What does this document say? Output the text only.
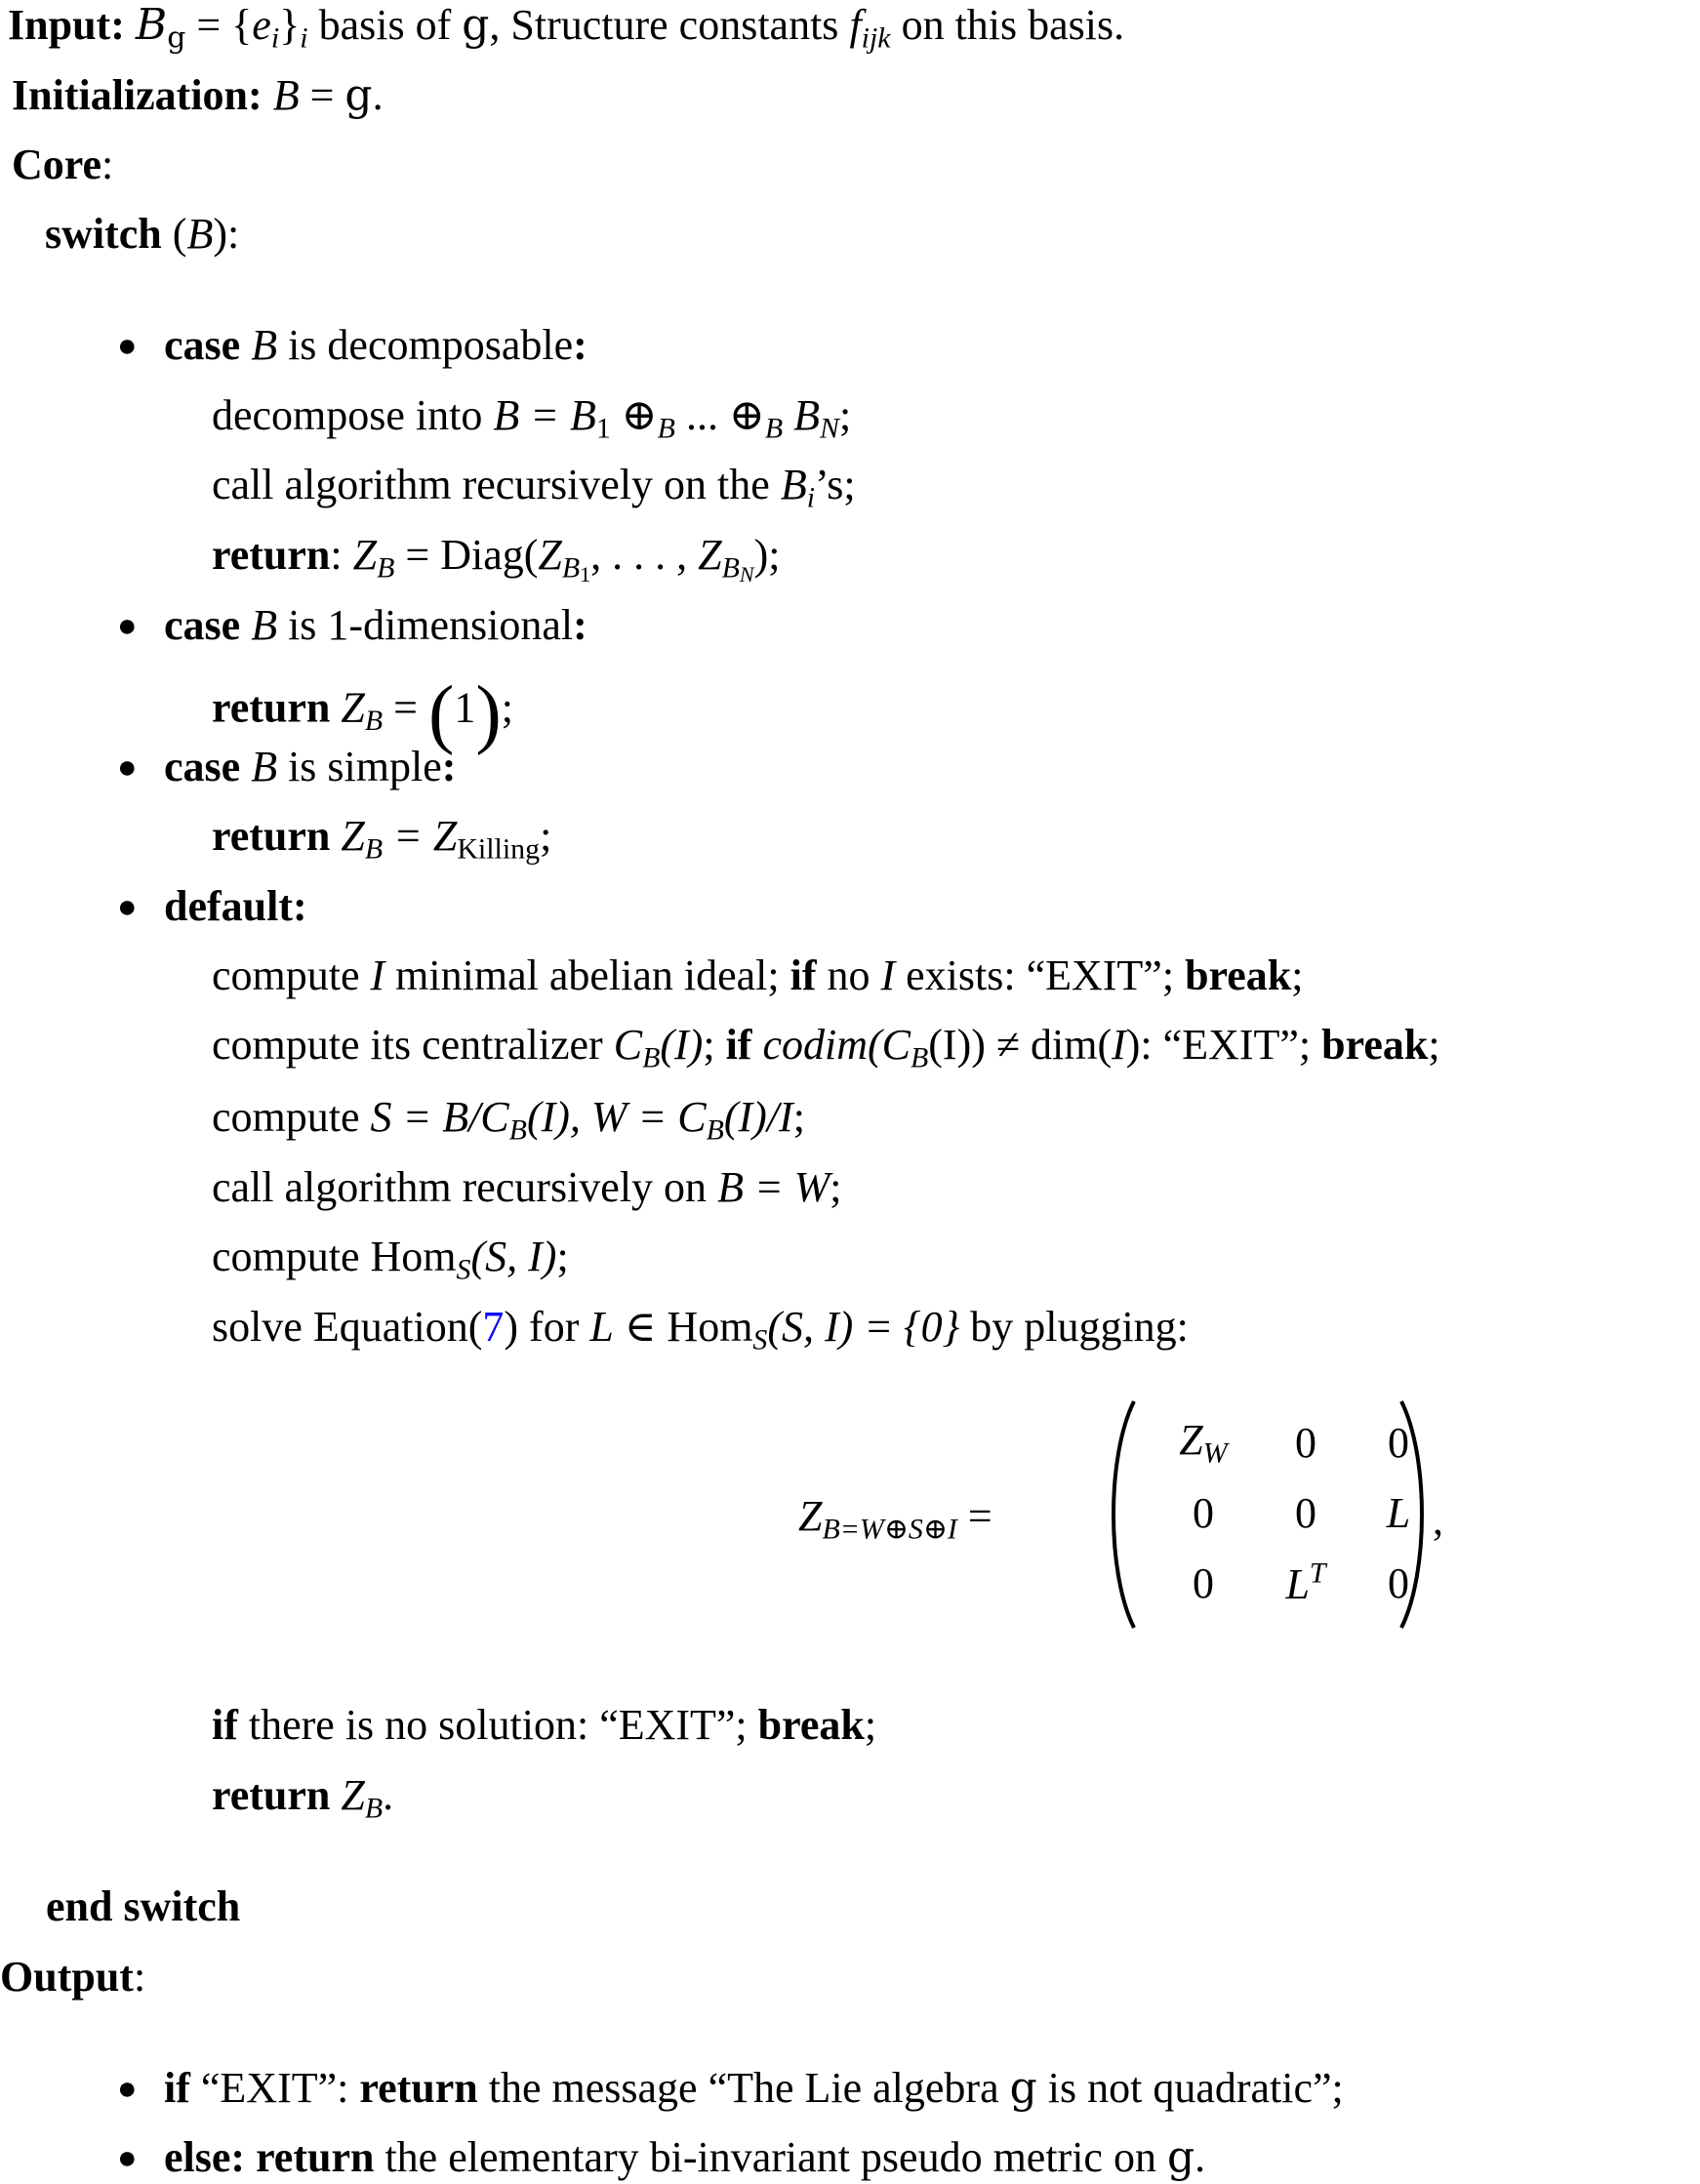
Input: $Bg = \{e_i\}_i$ basis of g, Structure constants $f_{ijk}$ on this basis.
Initialization: B = g.
Core:
switch (B):
● case B is decomposable:
decompose into B = B1 $\oplus_B$ ... $\oplus_B$ $B_N$;
call algorithm recursively on the $B_i’s$;
return: $Z_B$ = $Diag(Z_{B1}$, . . . , $Z_{BN}$);
● case B is 1-dimensional:
return $Z_B = (1)$;
● case B is simple:
return $Z_B$ = ZKilling;
● default:
compute I minimal abelian ideal; if no I exists: “EXIT”; break;
compute its centralizer $C_B(I)$; if $codim(C_B(I)) \ne dim(I)$: “EXIT”; break;
compute $S = B/C_B(I)$, $W = C_B(I)/I$;
call algorithm recursively on B = W;
compute Hom$_S$(S, I);
solve Equation(7) for L ∈ Hom$_S$(S, I) = {0} by plugging:
$Z_{B=W\oplus S\oplus I}$ =
$Z_W$ 0 0
0 0 L
0 $L^T$ 0
,
if there is no solution: “EXIT”; break;
return $Z_B$.
end switch
Output:
● if “EXIT”: return the message “The Lie algebra g is not quadratic”;
● else: return the elementary bi-invariant pseudo metric on g.
